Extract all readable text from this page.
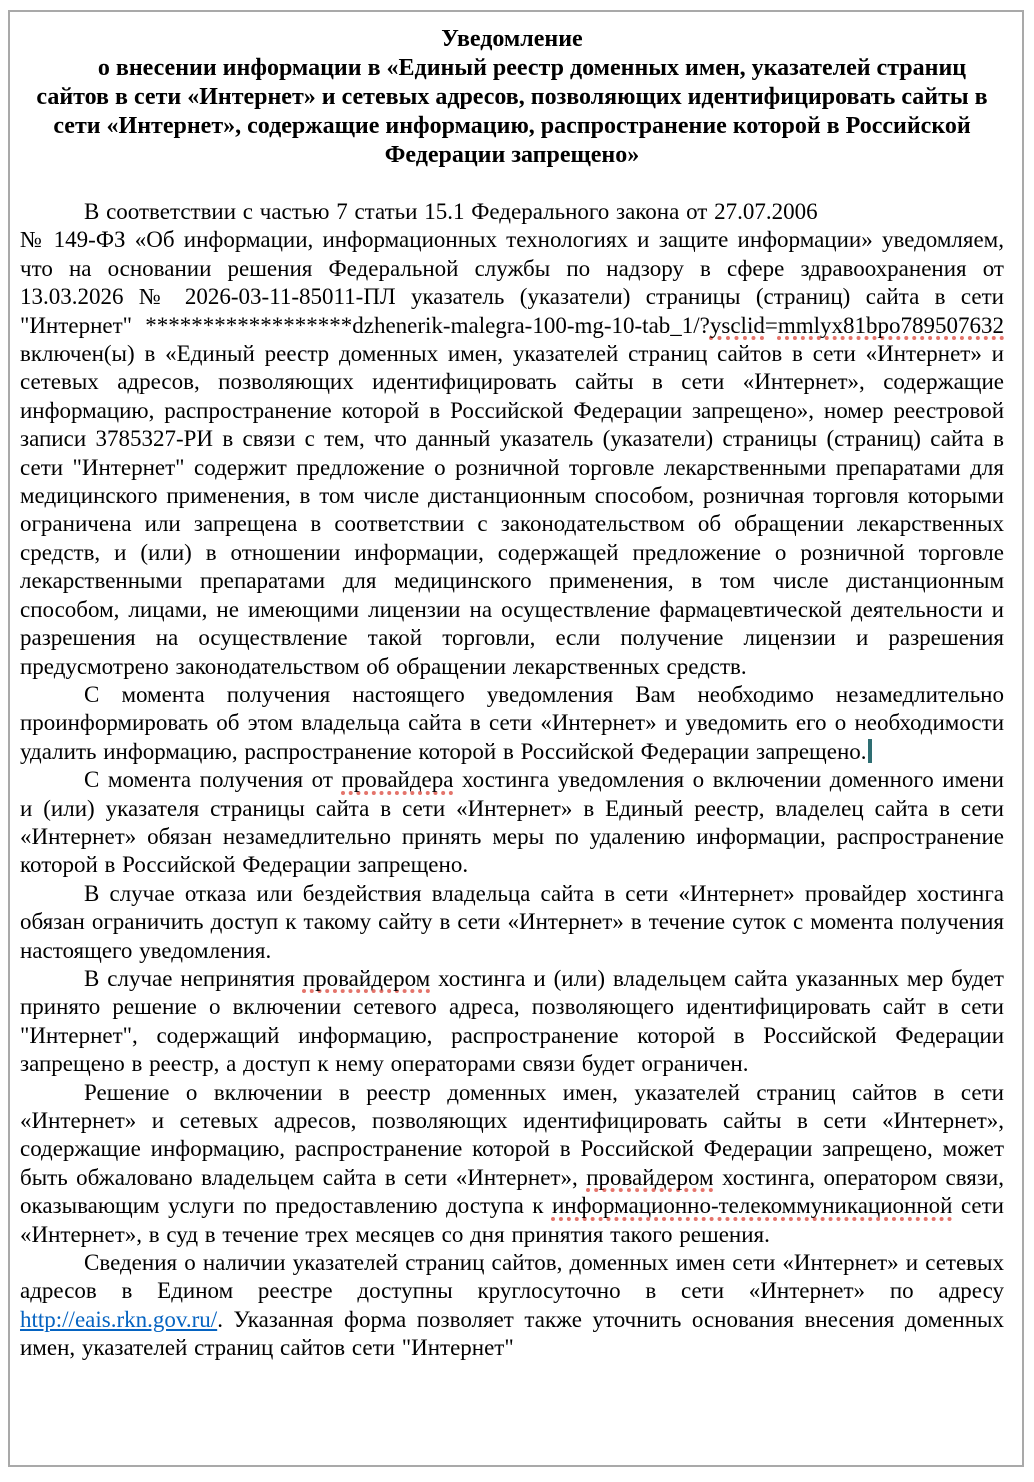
Уведомление
о внесении информации в «Единый реестр доменных имен, указателей страниц сайтов в сети «Интернет» и сетевых адресов, позволяющих идентифицировать сайты в сети «Интернет», содержащие информацию, распространение которой в Российской Федерации запрещено»

В соответствии с частью 7 статьи 15.1 Федерального закона от 27.07.2006
№ 149-ФЗ «Об информации, информационных технологиях и защите информации» уведомляем, что на основании решения Федеральной службы по надзору в сфере здравоохранения от 13.03.2026 № 2026-03-11-85011-ПЛ указатель (указатели) страницы (страниц) сайта в сети "Интернет" ******************dzhenerik-malegra-100-mg-10-tab_1/?ysclid=mmlyx81bpo789507632 включен(ы) в «Единый реестр доменных имен, указателей страниц сайтов в сети «Интернет» и сетевых адресов, позволяющих идентифицировать сайты в сети «Интернет», содержащие информацию, распространение которой в Российской Федерации запрещено», номер реестровой записи 3785327-РИ в связи с тем, что данный указатель (указатели) страницы (страниц) сайта в сети "Интернет" содержит предложение о розничной торговле лекарственными препаратами для медицинского применения, в том числе дистанционным способом, розничная торговля которыми ограничена или запрещена в соответствии с законодательством об обращении лекарственных средств, и (или) в отношении информации, содержащей предложение о розничной торговле лекарственными препаратами для медицинского применения, в том числе дистанционным способом, лицами, не имеющими лицензии на осуществление фармацевтической деятельности и разрешения на осуществление такой торговли, если получение лицензии и разрешения предусмотрено законодательством об обращении лекарственных средств.

С момента получения настоящего уведомления Вам необходимо незамедлительно проинформировать об этом владельца сайта в сети «Интернет» и уведомить его о необходимости удалить информацию, распространение которой в Российской Федерации запрещено.

С момента получения от провайдера хостинга уведомления о включении доменного имени и (или) указателя страницы сайта в сети «Интернет» в Единый реестр, владелец сайта в сети «Интернет» обязан незамедлительно принять меры по удалению информации, распространение которой в Российской Федерации запрещено.

В случае отказа или бездействия владельца сайта в сети «Интернет» провайдер хостинга обязан ограничить доступ к такому сайту в сети «Интернет» в течение суток с момента получения настоящего уведомления.

В случае непринятия провайдером хостинга и (или) владельцем сайта указанных мер будет принято решение о включении сетевого адреса, позволяющего идентифицировать сайт в сети "Интернет", содержащий информацию, распространение которой в Российской Федерации запрещено в реестр, а доступ к нему операторами связи будет ограничен.

Решение о включении в реестр доменных имен, указателей страниц сайтов в сети «Интернет» и сетевых адресов, позволяющих идентифицировать сайты в сети «Интернет», содержащие информацию, распространение которой в Российской Федерации запрещено, может быть обжаловано владельцем сайта в сети «Интернет», провайдером хостинга, оператором связи, оказывающим услуги по предоставлению доступа к информационно-телекоммуникационной сети «Интернет», в суд в течение трех месяцев со дня принятия такого решения.

Сведения о наличии указателей страниц сайтов, доменных имен сети «Интернет» и сетевых адресов в Едином реестре доступны круглосуточно в сети «Интернет» по адресу http://eais.rkn.gov.ru/. Указанная форма позволяет также уточнить основания внесения доменных имен, указателей страниц сайтов сети "Интернет"
